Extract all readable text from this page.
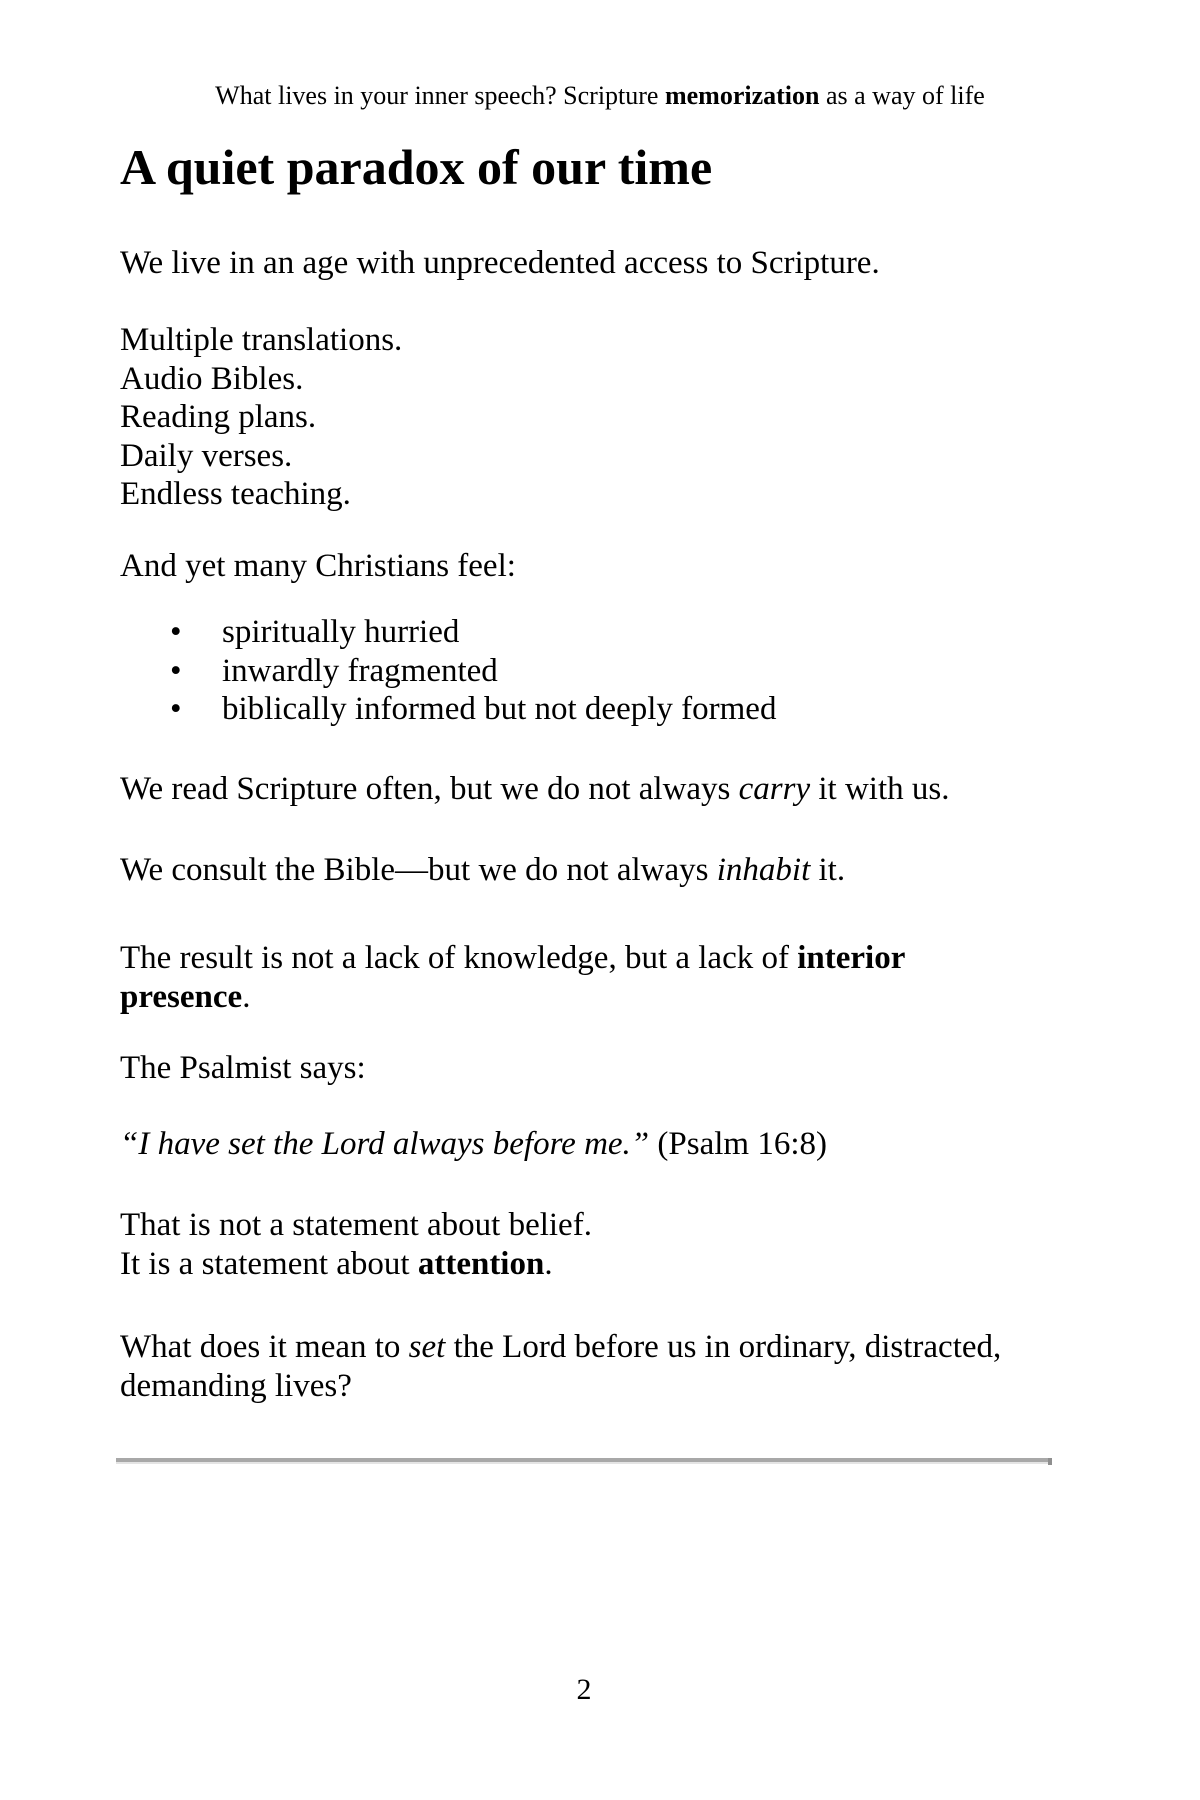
What lives in your inner speech? Scripture memorization as a way of life
A quiet paradox of our time
We live in an age with unprecedented access to Scripture.
Multiple translations.
Audio Bibles.
Reading plans.
Daily verses.
Endless teaching.
And yet many Christians feel:
• spiritually hurried
• inwardly fragmented
• biblically informed but not deeply formed
We read Scripture often, but we do not always carry it with us.
We consult the Bible—but we do not always inhabit it.
The result is not a lack of knowledge, but a lack of interior
presence.
The Psalmist says:
“I have set the Lord always before me.” (Psalm 16:8)
That is not a statement about belief.
It is a statement about attention.
What does it mean to set the Lord before us in ordinary, distracted,
demanding lives?
2
